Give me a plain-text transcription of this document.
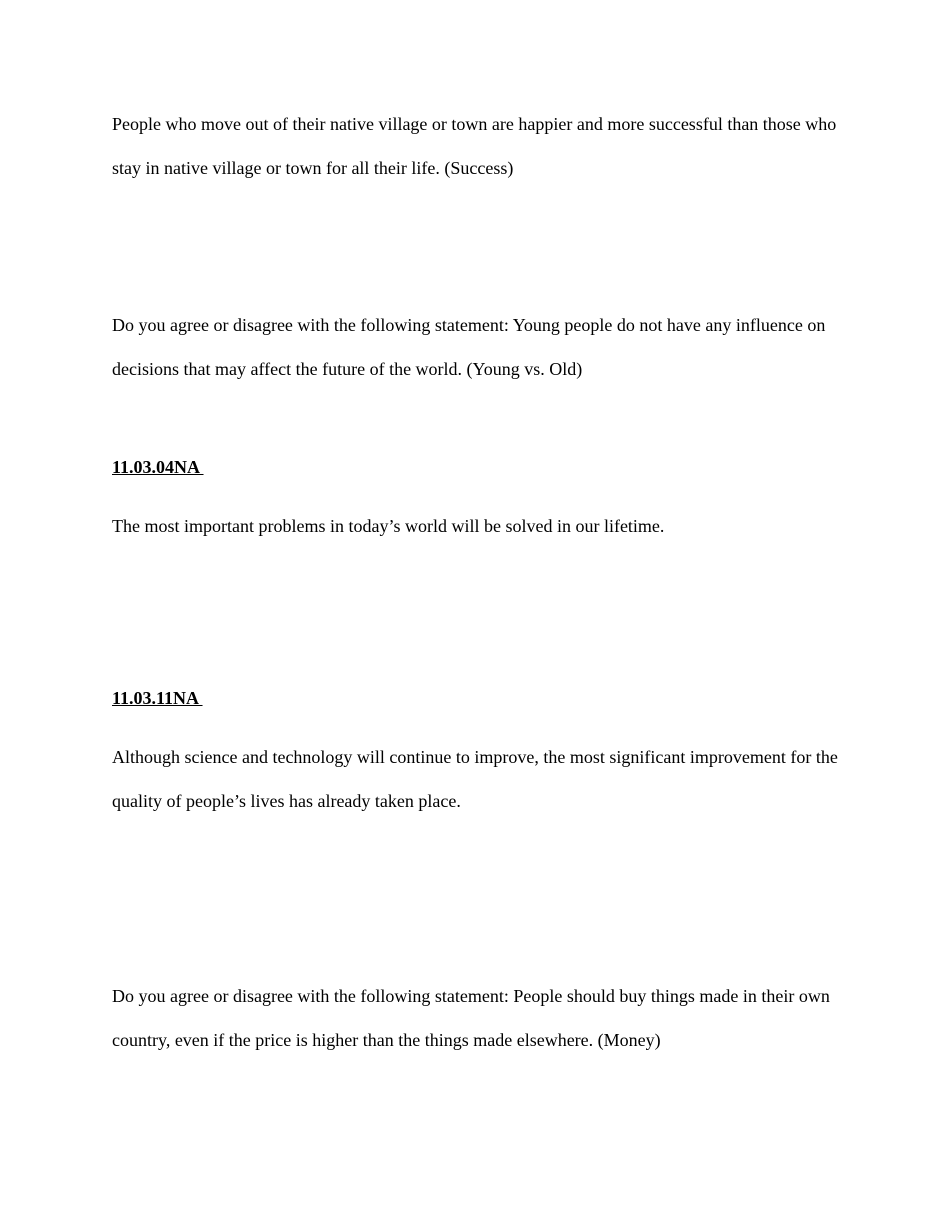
People who move out of their native village or town are happier and more successful than those who stay in native village or town for all their life. (Success)

Do you agree or disagree with the following statement: Young people do not have any influence on decisions that may affect the future of the world. (Young vs. Old)

11.03.04NA

The most important problems in today’s world will be solved in our lifetime.

11.03.11NA

Although science and technology will continue to improve, the most significant improvement for the quality of people’s lives has already taken place.

Do you agree or disagree with the following statement: People should buy things made in their own country, even if the price is higher than the things made elsewhere. (Money)
